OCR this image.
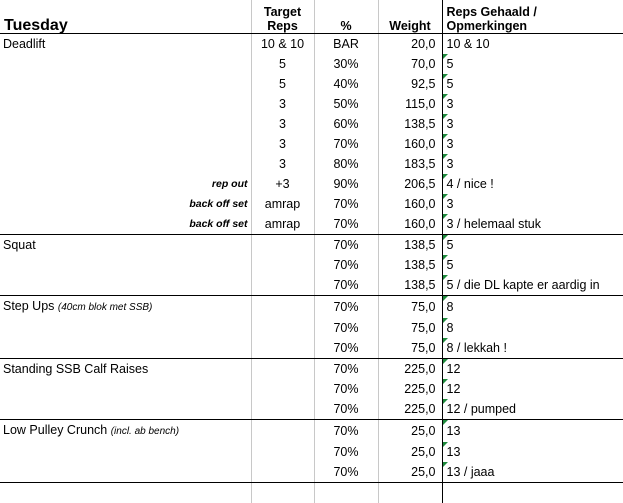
Tuesday	Target Reps	%	Weight	Reps Gehaald / Opmerkingen
Deadlift	10 & 10	BAR	20,0	10 & 10
	5	30%	70,0	5
	5	40%	92,5	5
	3	50%	115,0	3
	3	60%	138,5	3
	3	70%	160,0	3
	3	80%	183,5	3

rep out	+3	90%	206,5	4 / nice !

back off set	amrap	70%	160,0	3

back off set	amrap	70%	160,0	3 / helemaal stuk
Squat		70%	138,5	5
		70%	138,5	5
		70%	138,5	5 / die DL kapte er aardig in
Step Ups (40cm blok met SSB)		70%	75,0	8
		70%	75,0	8
		70%	75,0	8 / lekkah !
Standing SSB Calf Raises		70%	225,0	12
		70%	225,0	12
		70%	225,0	12 / pumped
Low Pulley Crunch (incl. ab bench)		70%	25,0	13
		70%	25,0	13
		70%	25,0	13 / jaaa
